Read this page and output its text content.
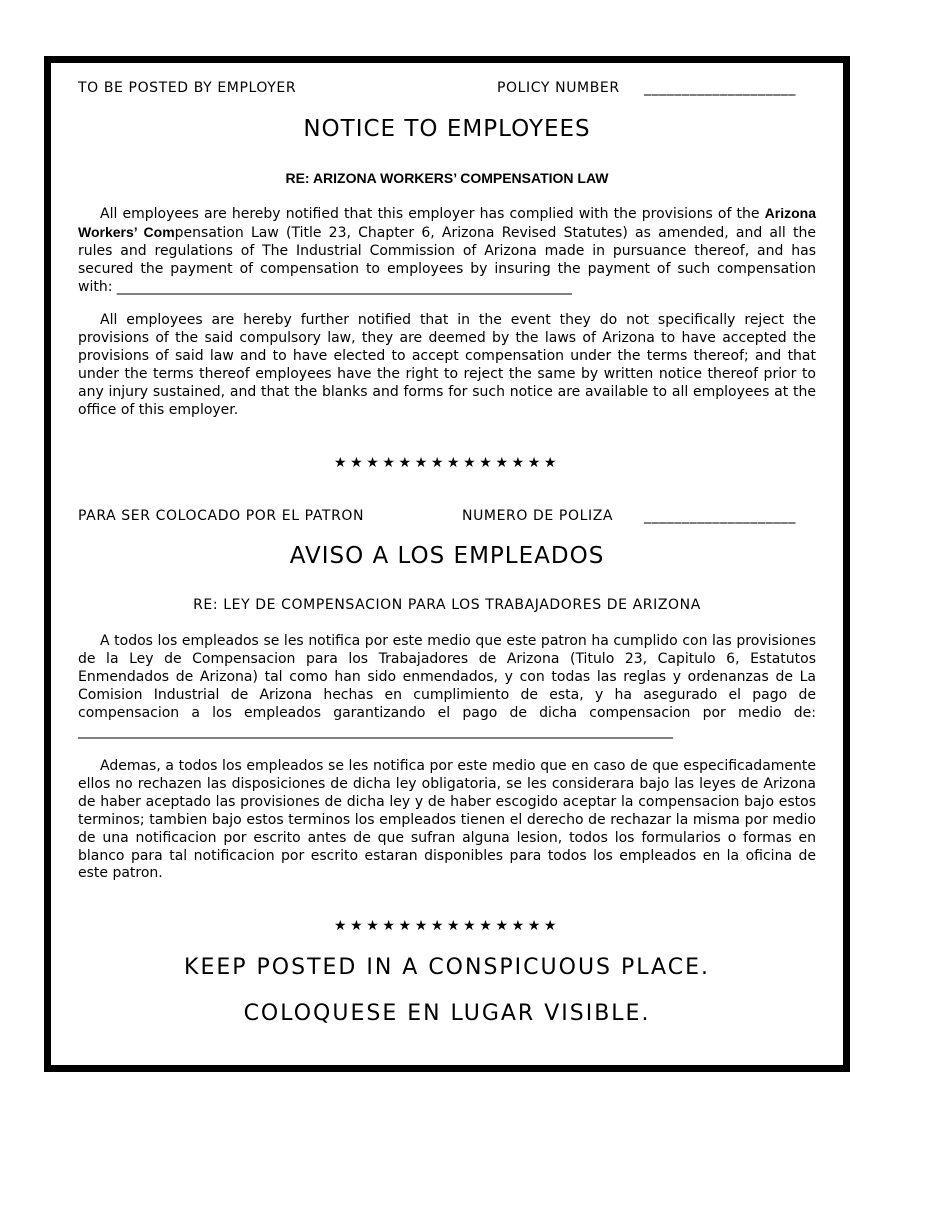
TO BE POSTED BY EMPLOYER	POLICY NUMBER ____________________
NOTICE TO EMPLOYEES
RE: ARIZONA WORKERS’ COMPENSATION LAW
All employees are hereby notified that this employer has complied with the provisions of the Arizona Workers’ Compensation Law (Title 23, Chapter 6, Arizona Revised Statutes) as amended, and all the rules and regulations of The Industrial Commission of Arizona made in pursuance thereof, and has secured the payment of compensation to employees by insuring the payment of such compensation with: _________________________________________________________________
All employees are hereby further notified that in the event they do not specifically reject the provisions of the said compulsory law, they are deemed by the laws of Arizona to have accepted the provisions of said law and to have elected to accept compensation under the terms thereof; and that under the terms thereof employees have the right to reject the same by written notice thereof prior to any injury sustained, and that the blanks and forms for such notice are available to all employees at the office of this employer.
★★★★★★★★★★★★★★
PARA SER COLOCADO POR EL PATRON	NUMERO DE POLIZA ____________________
AVISO A LOS EMPLEADOS
RE: LEY DE COMPENSACION PARA LOS TRABAJADORES DE ARIZONA
A todos los empleados se les notifica por este medio que este patron ha cumplido con las provisiones de la Ley de Compensacion para los Trabajadores de Arizona (Titulo 23, Capitulo 6, Estatutos Enmendados de Arizona) tal como han sido enmendados, y con todas las reglas y ordenanzas de La Comision Industrial de Arizona hechas en cumplimiento de esta, y ha asegurado el pago de compensacion a los empleados garantizando el pago de dicha compensacion por medio de: _____________________________________________________________________________________
Ademas, a todos los empleados se les notifica por este medio que en caso de que especificadamente ellos no rechazen las disposiciones de dicha ley obligatoria, se les considerara bajo las leyes de Arizona de haber aceptado las provisiones de dicha ley y de haber escogido aceptar la compensacion bajo estos terminos; tambien bajo estos terminos los empleados tienen el derecho de rechazar la misma por medio de una notificacion por escrito antes de que sufran alguna lesion, todos los formularios o formas en blanco para tal notificacion por escrito estaran disponibles para todos los empleados en la oficina de este patron.
★★★★★★★★★★★★★★
KEEP POSTED IN A CONSPICUOUS PLACE.
COLOQUESE EN LUGAR VISIBLE.
